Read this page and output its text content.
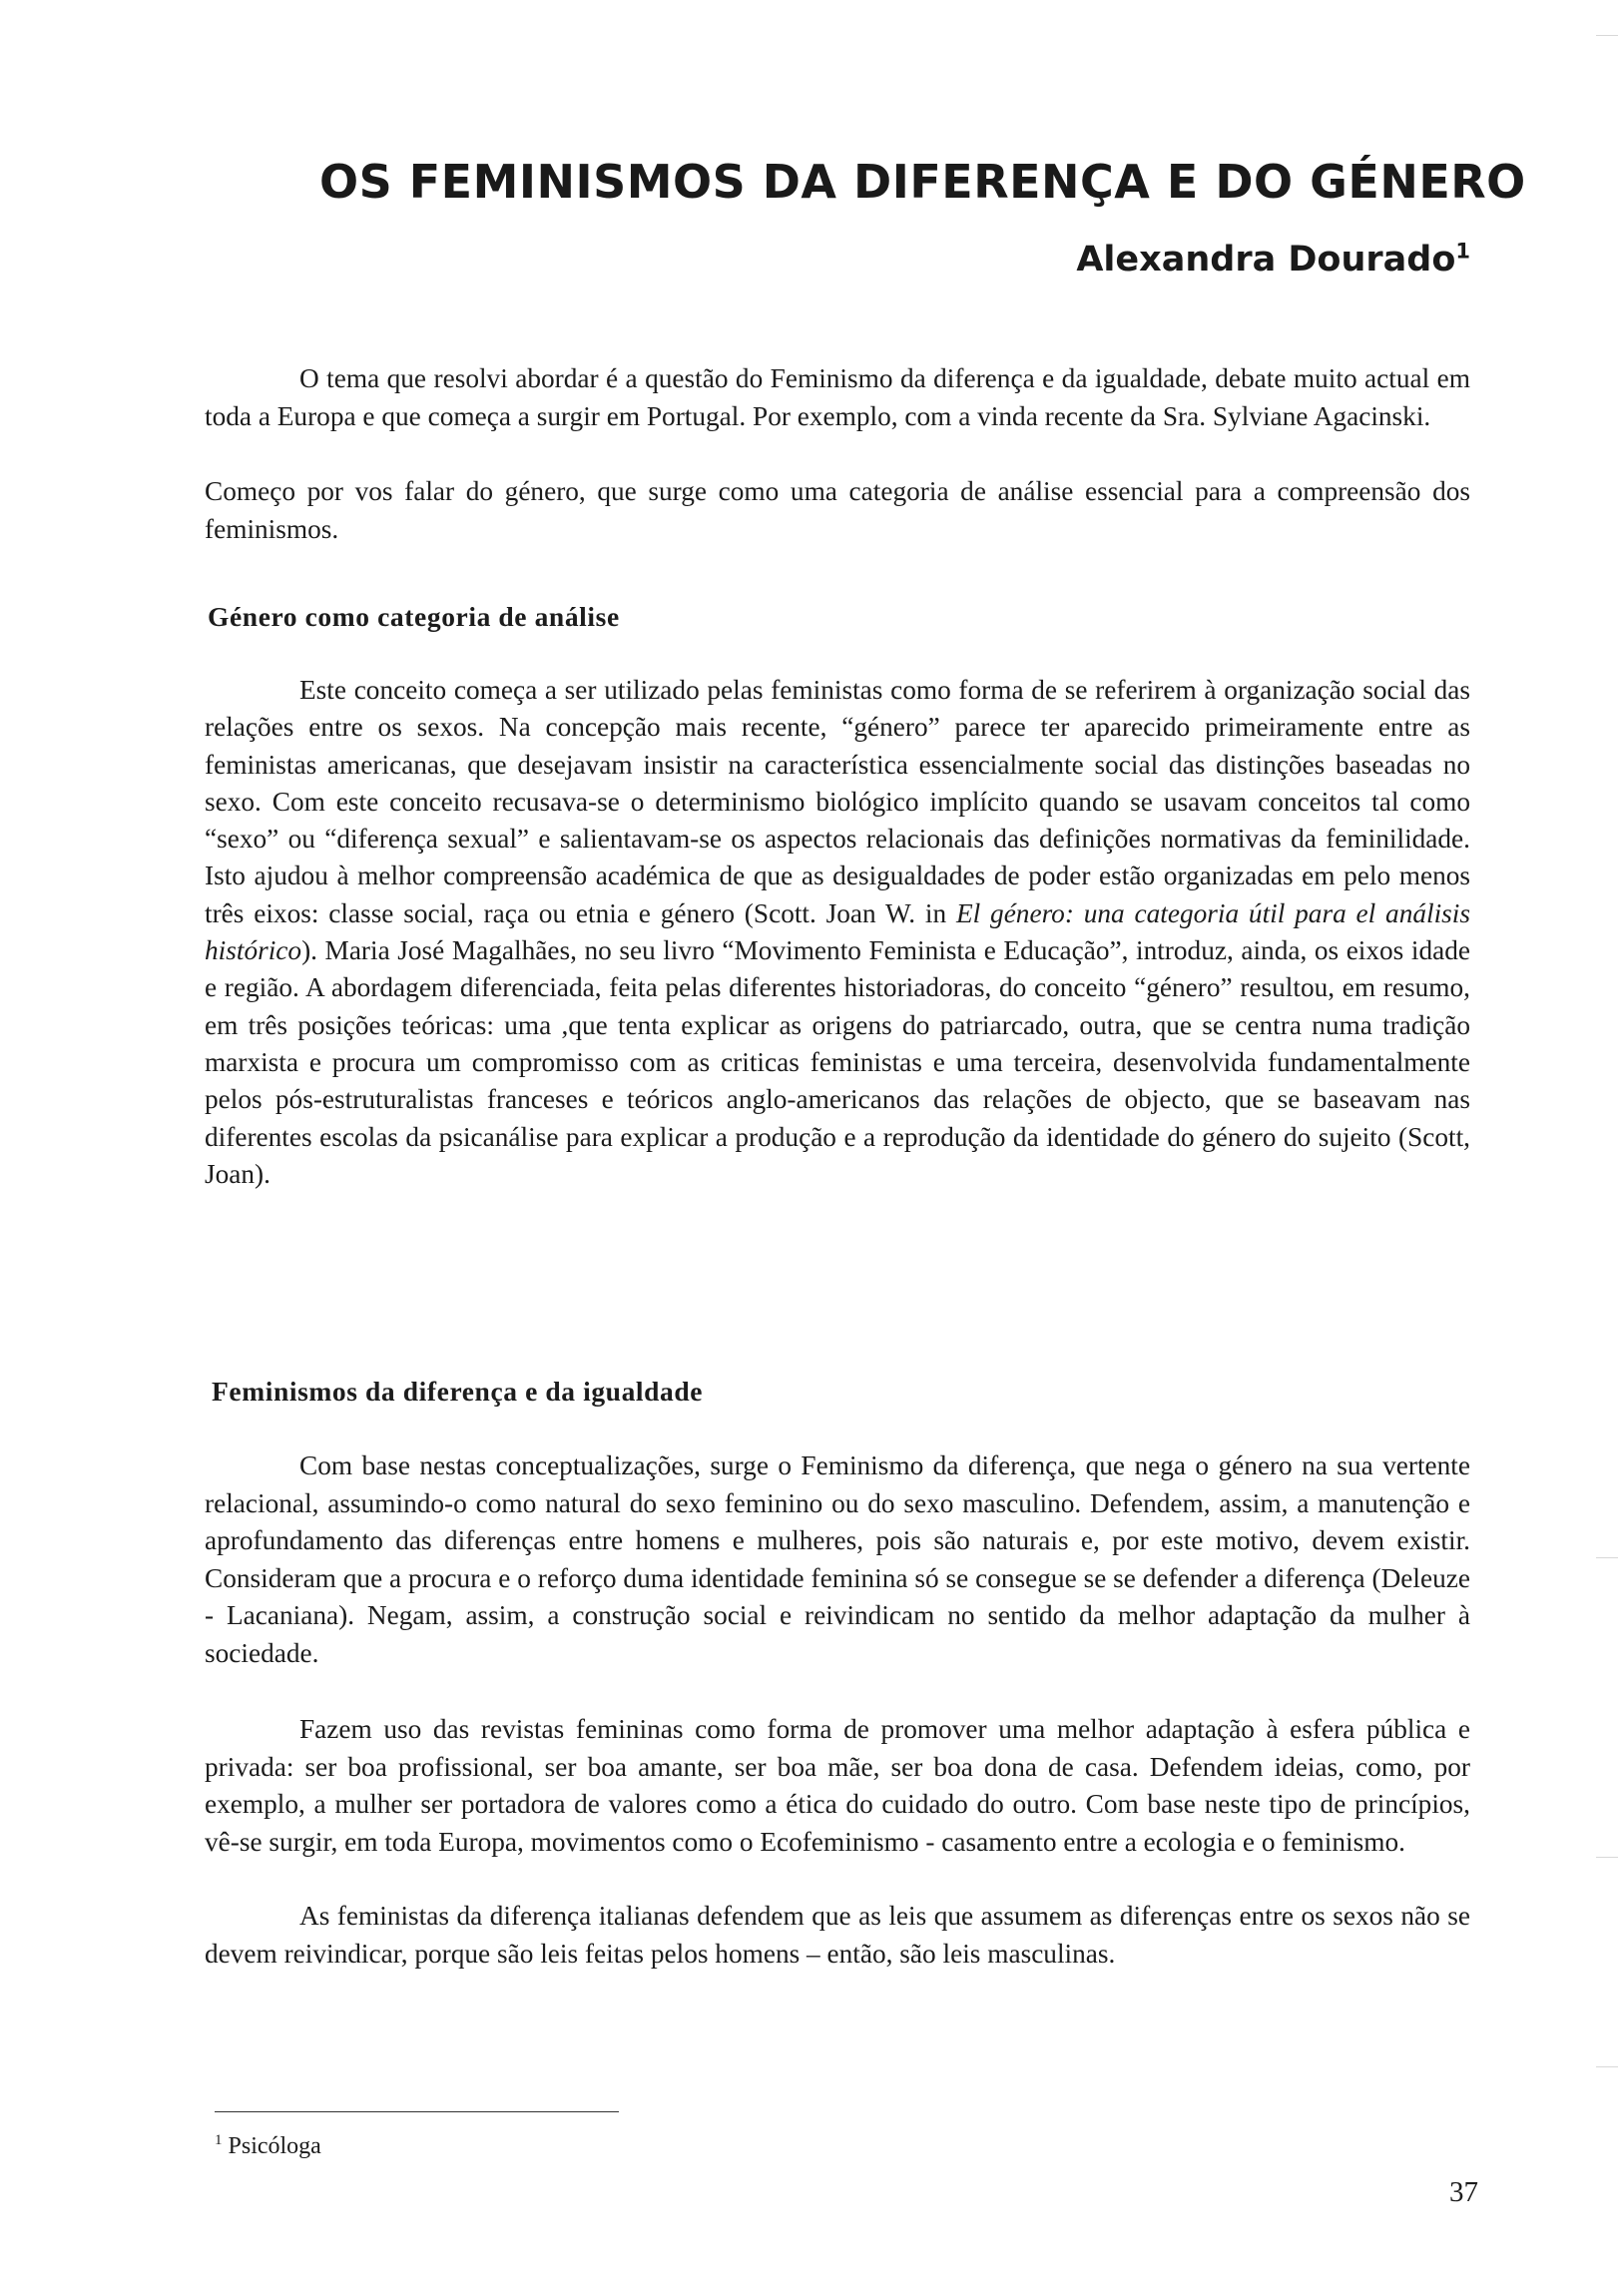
OS FEMINISMOS DA DIFERENÇA E DO GÉNERO
Alexandra Dourado$^1$

O tema que resolvi abordar é a questão do Feminismo da diferença e da igualdade, debate muito actual em toda a Europa e que começa a surgir em Portugal. Por exemplo, com a vinda recente da Sra. Sylviane Agacinski.

Começo por vos falar do género, que surge como uma categoria de análise essencial para a compreensão dos feminismos.

Género como categoria de análise

Este conceito começa a ser utilizado pelas feministas como forma de se referirem à organização social das relações entre os sexos. Na concepção mais recente, “género” parece ter aparecido primeiramente entre as feministas americanas, que desejavam insistir na característica essencialmente social das distinções baseadas no sexo. Com este conceito recusava-se o determinismo biológico implícito quando se usavam conceitos tal como “sexo” ou “diferença sexual” e salientavam-se os aspectos relacionais das definições normativas da feminilidade. Isto ajudou à melhor compreensão académica de que as desigualdades de poder estão organizadas em pelo menos três eixos: classe social, raça ou etnia e género (Scott. Joan W. in El género: una categoria útil para el análisis histórico). Maria José Magalhães, no seu livro “Movimento Feminista e Educação”, introduz, ainda, os eixos idade e região. A abordagem diferenciada, feita pelas diferentes historiadoras, do conceito “género” resultou, em resumo, em três posições teóricas: uma ,que tenta explicar as origens do patriarcado, outra, que se centra numa tradição marxista e procura um compromisso com as criticas feministas e uma terceira, desenvolvida fundamentalmente pelos pós-estruturalistas franceses e teóricos anglo-americanos das relações de objecto, que se baseavam nas diferentes escolas da psicanálise para explicar a produção e a reprodução da identidade do género do sujeito (Scott, Joan).

Feminismos da diferença e da igualdade

Com base nestas conceptualizações, surge o Feminismo da diferença, que nega o género na sua vertente relacional, assumindo-o como natural do sexo feminino ou do sexo masculino. Defendem, assim, a manutenção e aprofundamento das diferenças entre homens e mulheres, pois são naturais e, por este motivo, devem existir. Consideram que a procura e o reforço duma identidade feminina só se consegue se se defender a diferença (Deleuze - Lacaniana). Negam, assim, a construção social e reivindicam no sentido da melhor adaptação da mulher à sociedade.

Fazem uso das revistas femininas como forma de promover uma melhor adaptação à esfera pública e privada: ser boa profissional, ser boa amante, ser boa mãe, ser boa dona de casa. Defendem ideias, como, por exemplo, a mulher ser portadora de valores como a ética do cuidado do outro. Com base neste tipo de princípios, vê-se surgir, em toda Europa, movimentos como o Ecofeminismo - casamento entre a ecologia e o feminismo.

As feministas da diferença italianas defendem que as leis que assumem as diferenças entre os sexos não se devem reivindicar, porque são leis feitas pelos homens – então, são leis masculinas.

$^1$ Psicóloga

37
